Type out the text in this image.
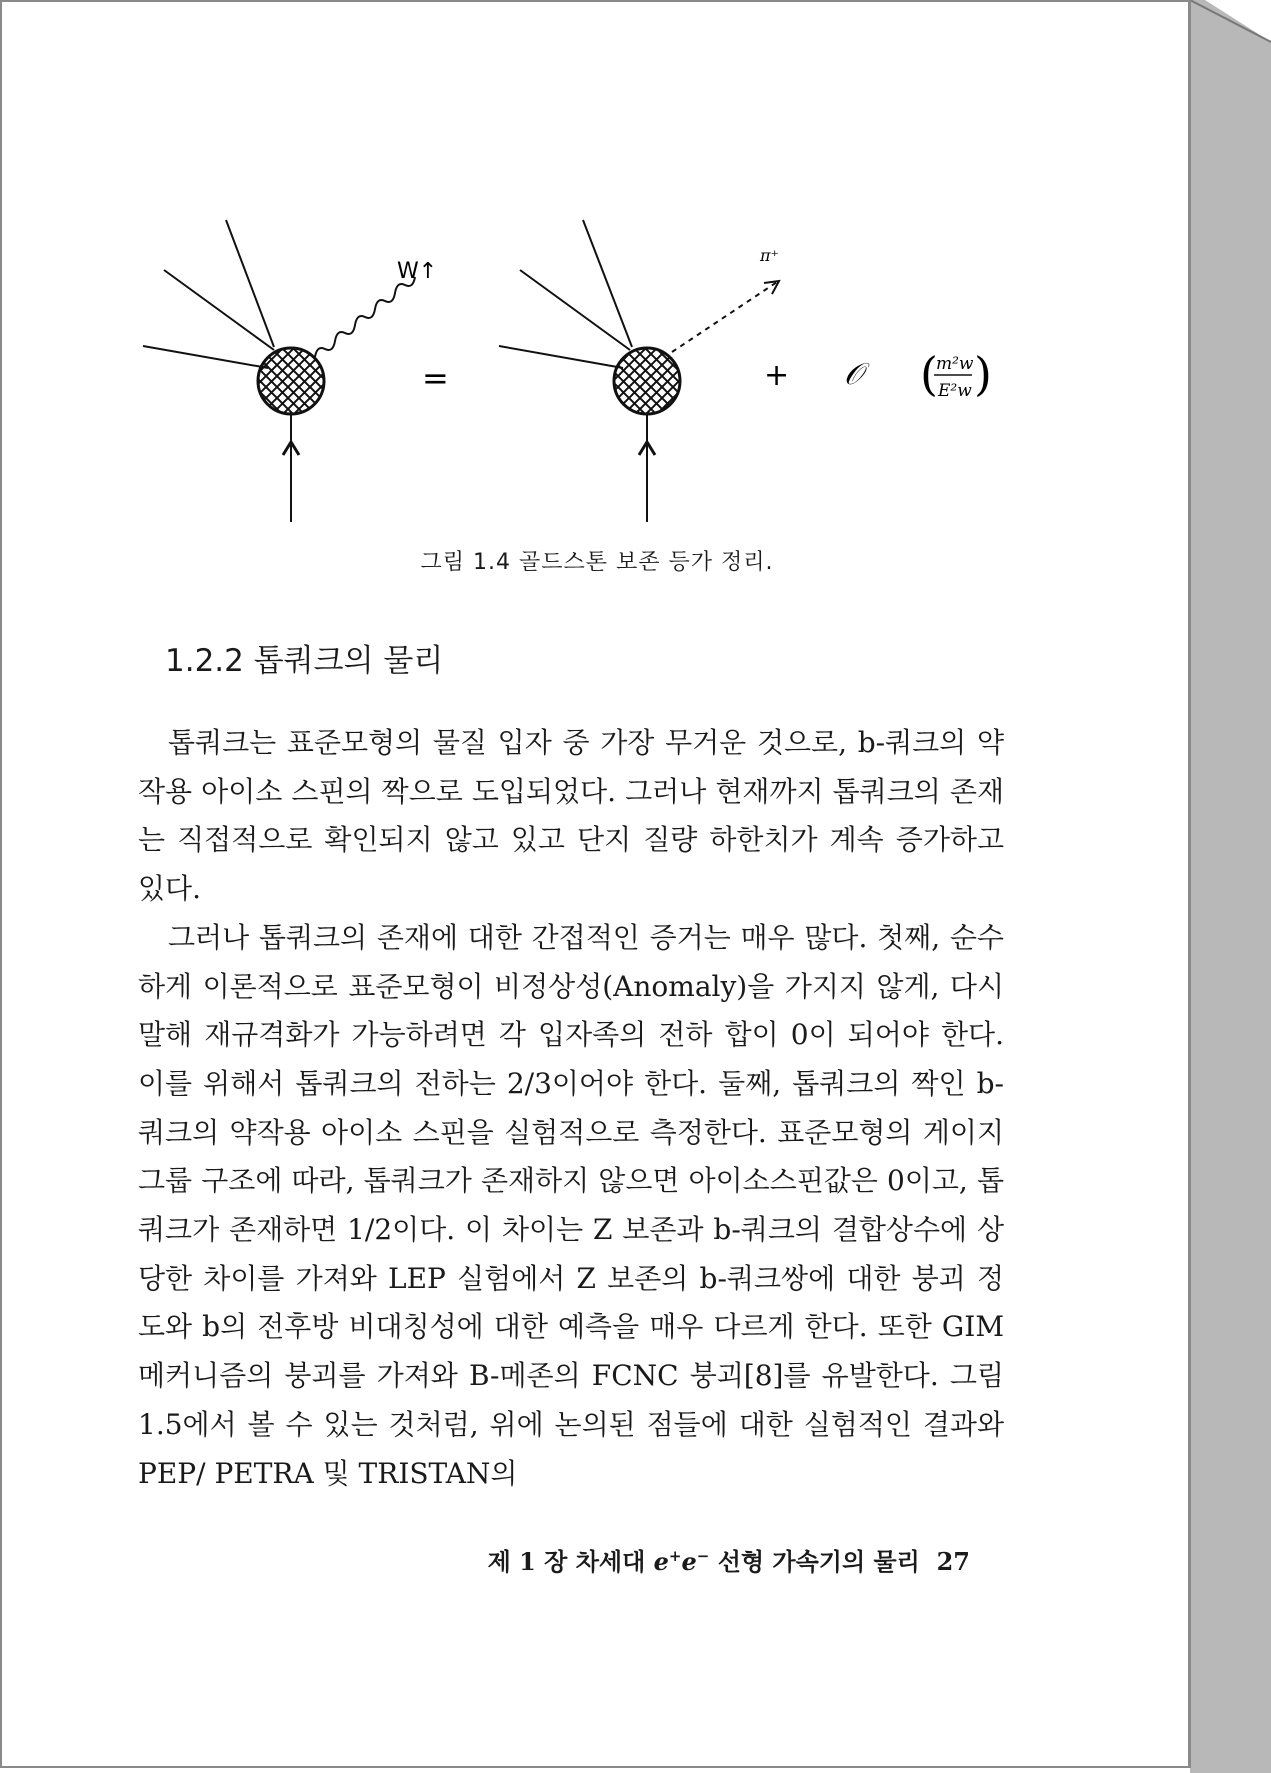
W↑
=
π⁺
+ 𝒪 (
m²w
E²w )
그림 1.4 골드스톤 보존 등가 정리.
1.2.2 톱쿼크의 물리

톱쿼크는 표준모형의 물질 입자 중 가장 무거운 것으로, b-쿼크의 약작용 아이소 스핀의 짝으로 도입되었다. 그러나 현재까지 톱쿼크의 존재는 직접적으로 확인되지 않고 있고 단지 질량 하한치가 계속 증가하고 있다.

그러나 톱쿼크의 존재에 대한 간접적인 증거는 매우 많다. 첫째, 순수하게 이론적으로 표준모형이 비정상성(Anomaly)을 가지지 않게, 다시 말해 재규격화가 가능하려면 각 입자족의 전하 합이 0이 되어야 한다. 이를 위해서 톱쿼크의 전하는 2/3이어야 한다. 둘째, 톱쿼크의 짝인 b-쿼크의 약작용 아이소 스핀을 실험적으로 측정한다. 표준모형의 게이지 그룹 구조에 따라, 톱쿼크가 존재하지 않으면 아이소스핀값은 0이고, 톱쿼크가 존재하면 1/2이다. 이 차이는 Z 보존과 b-쿼크의 결합상수에 상당한 차이를 가져와 LEP 실험에서 Z 보존의 b-쿼크쌍에 대한 붕괴 정도와 b의 전후방 비대칭성에 대한 예측을 매우 다르게 한다. 또한 GIM 메커니즘의 붕괴를 가져와 B-메존의 FCNC 붕괴[8]를 유발한다. 그림 1.5에서 볼 수 있는 것처럼, 위에 논의된 점들에 대한 실험적인 결과와 PEP/ PETRA 및 TRISTAN의

제 1 장 차세대 e+e− 선형 가속기의 물리 27
